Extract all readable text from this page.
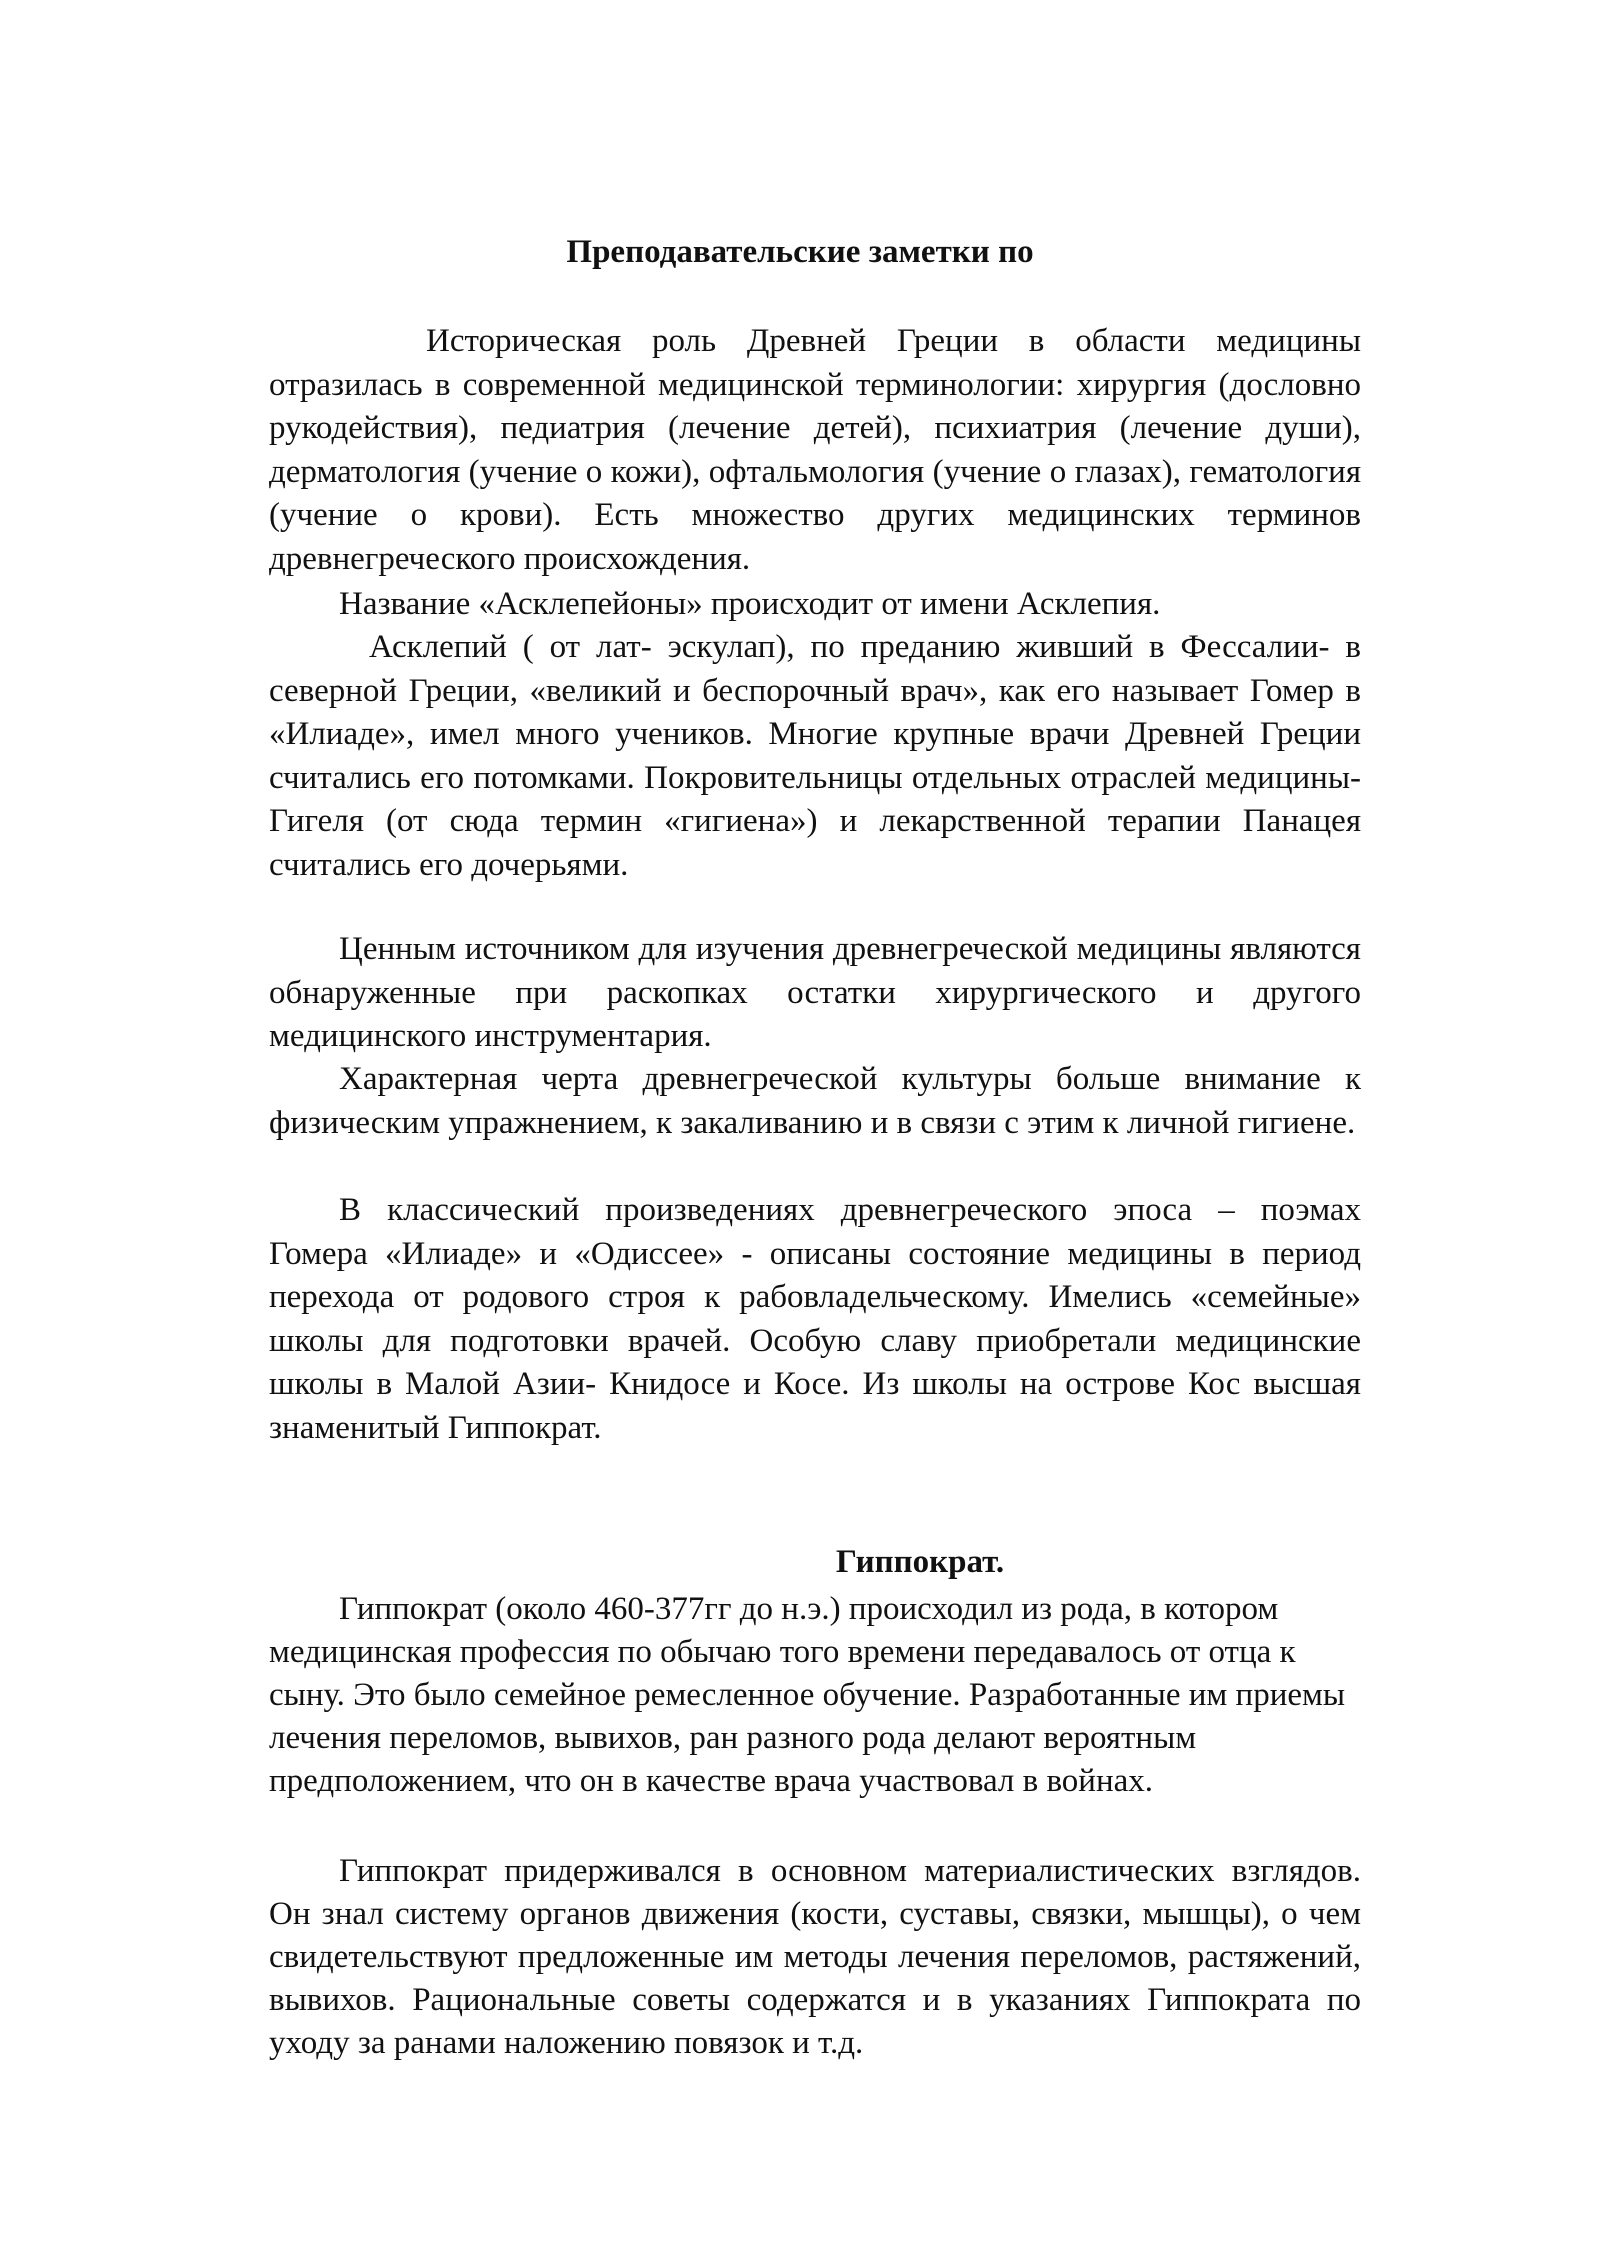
Преподавательские заметки по

Историческая роль Древней Греции в области медицины отразилась в современной медицинской терминологии: хирургия (дословно рукодействия), педиатрия (лечение детей), психиатрия (лечение души), дерматология (учение о кожи), офтальмология (учение о глазах), гематология (учение о крови). Есть множество других медицинских терминов древнегреческого происхождения.

Название «Асклепейоны» происходит от имени Асклепия.

Асклепий ( от лат- эскулап), по преданию живший в Фессалии- в северной Греции, «великий и беспорочный врач», как его называет Гомер в «Илиаде», имел много учеников. Многие крупные врачи Древней Греции считались его потомками. Покровительницы отдельных отраслей медицины- Гигеля (от сюда термин «гигиена») и лекарственной терапии Панацея считались его дочерьями.

Ценным источником для изучения древнегреческой медицины являются обнаруженные при раскопках остатки хирургического и другого медицинского инструментария.

Характерная черта древнегреческой культуры больше внимание к физическим упражнением, к закаливанию и в связи с этим к личной гигиене.

В классический произведениях древнегреческого эпоса – поэмах Гомера «Илиаде» и «Одиссее» - описаны состояние медицины в период перехода от родового строя к рабовладельческому. Имелись «семейные» школы для подготовки врачей. Особую славу приобретали медицинские школы в Малой Азии- Книдосе и Косе. Из школы на острове Кос высшая знаменитый Гиппократ.

Гиппократ.

Гиппократ (около 460-377гг до н.э.) происходил из рода, в котором медицинская профессия по обычаю того времени передавалось от отца к сыну. Это было семейное ремесленное обучение. Разработанные им приемы лечения переломов, вывихов, ран разного рода делают вероятным предположением, что он в качестве врача участвовал в войнах.

Гиппократ придерживался в основном материалистических взглядов. Он знал систему органов движения (кости, суставы, связки, мышцы), о чем свидетельствуют предложенные им методы лечения переломов, растяжений, вывихов. Рациональные советы содержатся и в указаниях Гиппократа по уходу за ранами наложению повязок и т.д.
